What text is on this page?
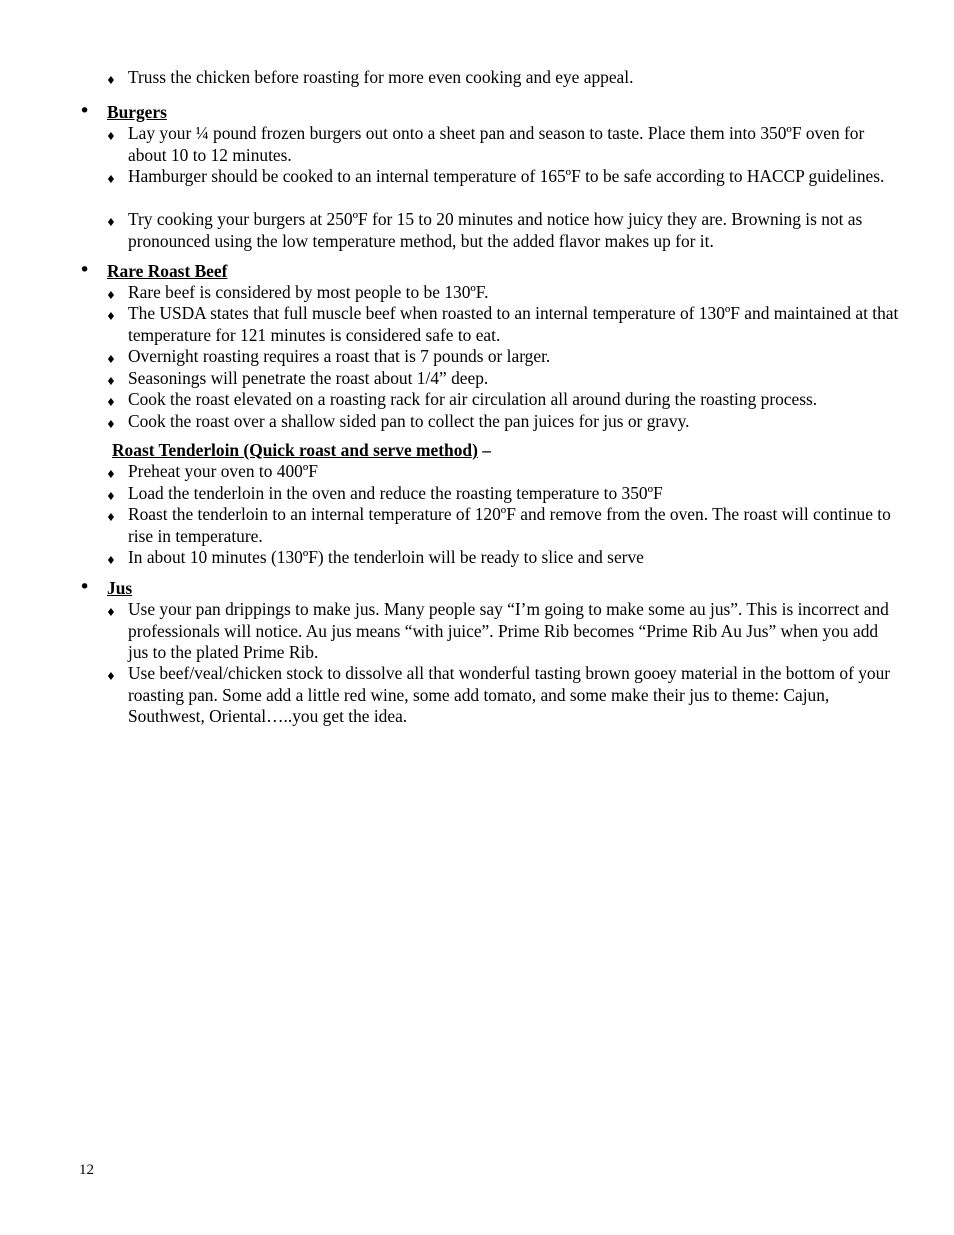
♦ Truss the chicken before roasting for more even cooking and eye appeal.
• Burgers
♦ Lay your ¼ pound frozen burgers out onto a sheet pan and season to taste. Place them into 350ºF oven for about 10 to 12 minutes.
♦ Hamburger should be cooked to an internal temperature of 165ºF to be safe according to HACCP guidelines.
♦ Try cooking your burgers at 250ºF for 15 to 20 minutes and notice how juicy they are. Browning is not as pronounced using the low temperature method, but the added flavor makes up for it.
• Rare Roast Beef
♦ Rare beef is considered by most people to be 130ºF.
♦ The USDA states that full muscle beef when roasted to an internal temperature of 130ºF and maintained at that temperature for 121 minutes is considered safe to eat.
♦ Overnight roasting requires a roast that is 7 pounds or larger.
♦ Seasonings will penetrate the roast about 1/4” deep.
♦ Cook the roast elevated on a roasting rack for air circulation all around during the roasting process.
♦ Cook the roast over a shallow sided pan to collect the pan juices for jus or gravy.
Roast Tenderloin (Quick roast and serve method) –
♦ Preheat your oven to 400ºF
♦ Load the tenderloin in the oven and reduce the roasting temperature to 350ºF
♦ Roast the tenderloin to an internal temperature of 120ºF and remove from the oven. The roast will continue to rise in temperature.
♦ In about 10 minutes (130ºF) the tenderloin will be ready to slice and serve
• Jus
♦ Use your pan drippings to make jus. Many people say “I’m going to make some au jus”. This is incorrect and professionals will notice. Au jus means “with juice”. Prime Rib becomes “Prime Rib Au Jus” when you add jus to the plated Prime Rib.
♦ Use beef/veal/chicken stock to dissolve all that wonderful tasting brown gooey material in the bottom of your roasting pan. Some add a little red wine, some add tomato, and some make their jus to theme: Cajun, Southwest, Oriental…..you get the idea.
12
